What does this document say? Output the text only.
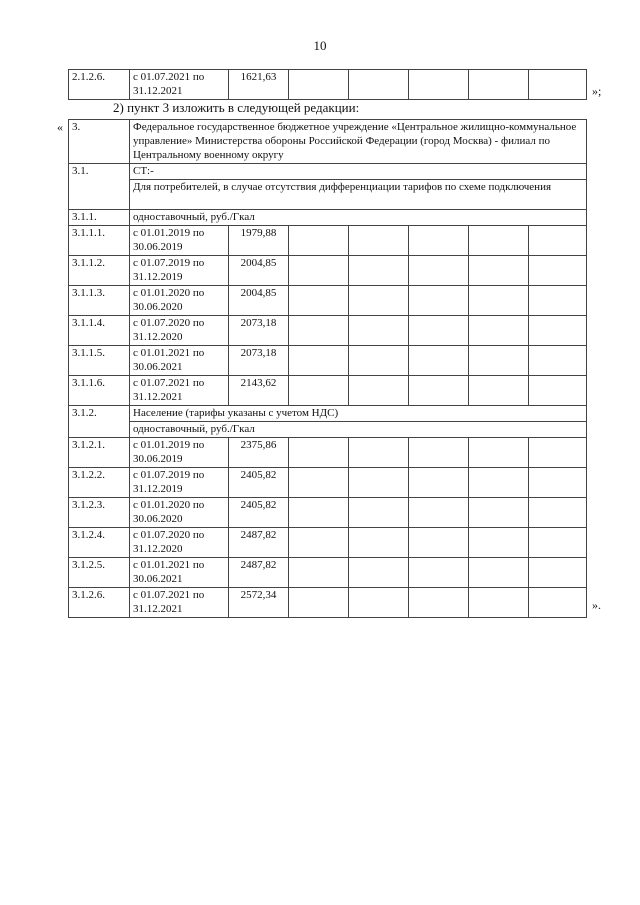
10
2.1.2.6.	с 01.07.2021 по 31.12.2021	1621,63					
»;
2) пункт 3 изложить в следующей редакции:
« 3.	Федеральное государственное бюджетное учреждение «Центральное жилищно-коммунальное управление» Министерства обороны Российской Федерации (город Москва) - филиал по Центральному военному округу						
3.1.	СТ:-						
	Для потребителей, в случае отсутствия дифференциации тарифов по схеме подключения						
3.1.1.	одноставочный, руб./Гкал						
3.1.1.1.	с 01.01.2019 по 30.06.2019	1979,88					
3.1.1.2.	с 01.07.2019 по 31.12.2019	2004,85					
3.1.1.3.	с 01.01.2020 по 30.06.2020	2004,85					
3.1.1.4.	с 01.07.2020 по 31.12.2020	2073,18					
3.1.1.5.	с 01.01.2021 по 30.06.2021	2073,18					
3.1.1.6.	с 01.07.2021 по 31.12.2021	2143,62					
3.1.2.	Население (тарифы указаны с учетом НДС)						
	одноставочный, руб./Гкал						
3.1.2.1.	с 01.01.2019 по 30.06.2019	2375,86					
3.1.2.2.	с 01.07.2019 по 31.12.2019	2405,82					
3.1.2.3.	с 01.01.2020 по 30.06.2020	2405,82					
3.1.2.4.	с 01.07.2020 по 31.12.2020	2487,82					
3.1.2.5.	с 01.01.2021 по 30.06.2021	2487,82					
3.1.2.6.	с 01.07.2021 по 31.12.2021	2572,34					
».
